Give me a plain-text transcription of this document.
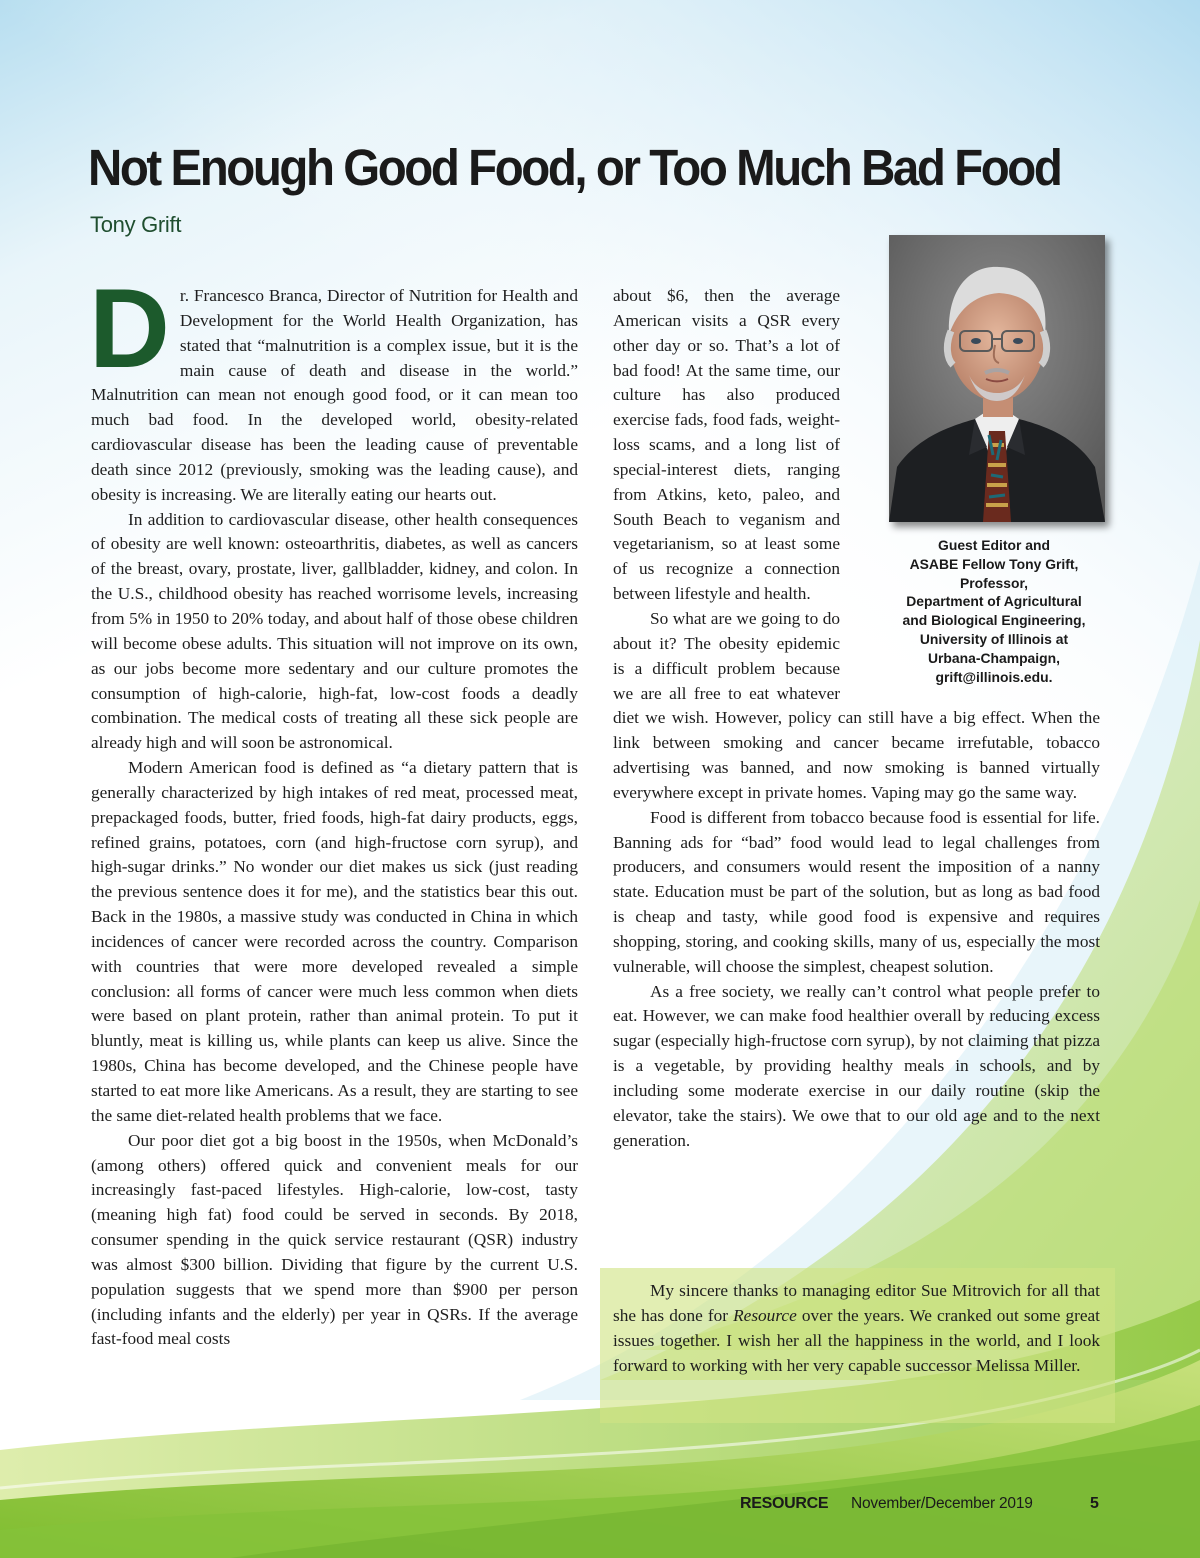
Not Enough Good Food, or Too Much Bad Food
Tony Grift

Dr. Francesco Branca, Director of Nutrition for Health and Development for the World Health Organization, has stated that “malnutrition is a complex issue, but it is the main cause of death and disease in the world.” Malnutrition can mean not enough good food, or it can mean too much bad food. In the developed world, obesity-related cardiovascular disease has been the leading cause of preventable death since 2012 (previously, smoking was the leading cause), and obesity is increasing. We are literally eating our hearts out.

In addition to cardiovascular disease, other health consequences of obesity are well known: osteoarthritis, diabetes, as well as cancers of the breast, ovary, prostate, liver, gallbladder, kidney, and colon. In the U.S., childhood obesity has reached worrisome levels, increasing from 5% in 1950 to 20% today, and about half of those obese children will become obese adults. This situation will not improve on its own, as our jobs become more sedentary and our culture promotes the consumption of high-calorie, high-fat, low-cost foods a deadly combination. The medical costs of treating all these sick people are already high and will soon be astronomical.

Modern American food is defined as “a dietary pattern that is generally characterized by high intakes of red meat, processed meat, prepackaged foods, butter, fried foods, high-fat dairy products, eggs, refined grains, potatoes, corn (and high-fructose corn syrup), and high-sugar drinks.” No wonder our diet makes us sick (just reading the previous sentence does it for me), and the statistics bear this out. Back in the 1980s, a massive study was conducted in China in which incidences of cancer were recorded across the country. Comparison with countries that were more developed revealed a simple conclusion: all forms of cancer were much less common when diets were based on plant protein, rather than animal protein. To put it bluntly, meat is killing us, while plants can keep us alive. Since the 1980s, China has become developed, and the Chinese people have started to eat more like Americans. As a result, they are starting to see the same diet-related health problems that we face.

Our poor diet got a big boost in the 1950s, when McDonald’s (among others) offered quick and convenient meals for our increasingly fast-paced lifestyles. High-calorie, low-cost, tasty (meaning high fat) food could be served in seconds. By 2018, consumer spending in the quick service restaurant (QSR) industry was almost $300 billion. Dividing that figure by the current U.S. population suggests that we spend more than $900 per person (including infants and the elderly) per year in QSRs. If the average fast-food meal costs

about $6, then the average American visits a QSR every other day or so. That’s a lot of bad food! At the same time, our culture has also produced exercise fads, food fads, weight-loss scams, and a long list of special-interest diets, ranging from Atkins, keto, paleo, and South Beach to veganism and vegetarianism, so at least some of us recognize a connection between lifestyle and health.

So what are we going to do about it? The obesity epidemic is a difficult problem because we are all free to eat whatever diet we wish. However, policy can still have a big effect. When the link between smoking and cancer became irrefutable, tobacco advertising was banned, and now smoking is banned virtually everywhere except in private homes. Vaping may go the same way.

Food is different from tobacco because food is essential for life. Banning ads for “bad” food would lead to legal challenges from producers, and consumers would resent the imposition of a nanny state. Education must be part of the solution, but as long as bad food is cheap and tasty, while good food is expensive and requires shopping, storing, and cooking skills, many of us, especially the most vulnerable, will choose the simplest, cheapest solution.

As a free society, we really can’t control what people prefer to eat. However, we can make food healthier overall by reducing excess sugar (especially high-fructose corn syrup), by not claiming that pizza is a vegetable, by providing healthy meals in schools, and by including some moderate exercise in our daily routine (skip the elevator, take the stairs). We owe that to our old age and to the next generation.

Guest Editor and
ASABE Fellow Tony Grift,
Professor,
Department of Agricultural
and Biological Engineering,
University of Illinois at
Urbana-Champaign,
grift@illinois.edu.

My sincere thanks to managing editor Sue Mitrovich for all that she has done for Resource over the years. We cranked out some great issues together. I wish her all the happiness in the world, and I look forward to working with her very capable successor Melissa Miller.

RESOURCE November/December 2019	5
